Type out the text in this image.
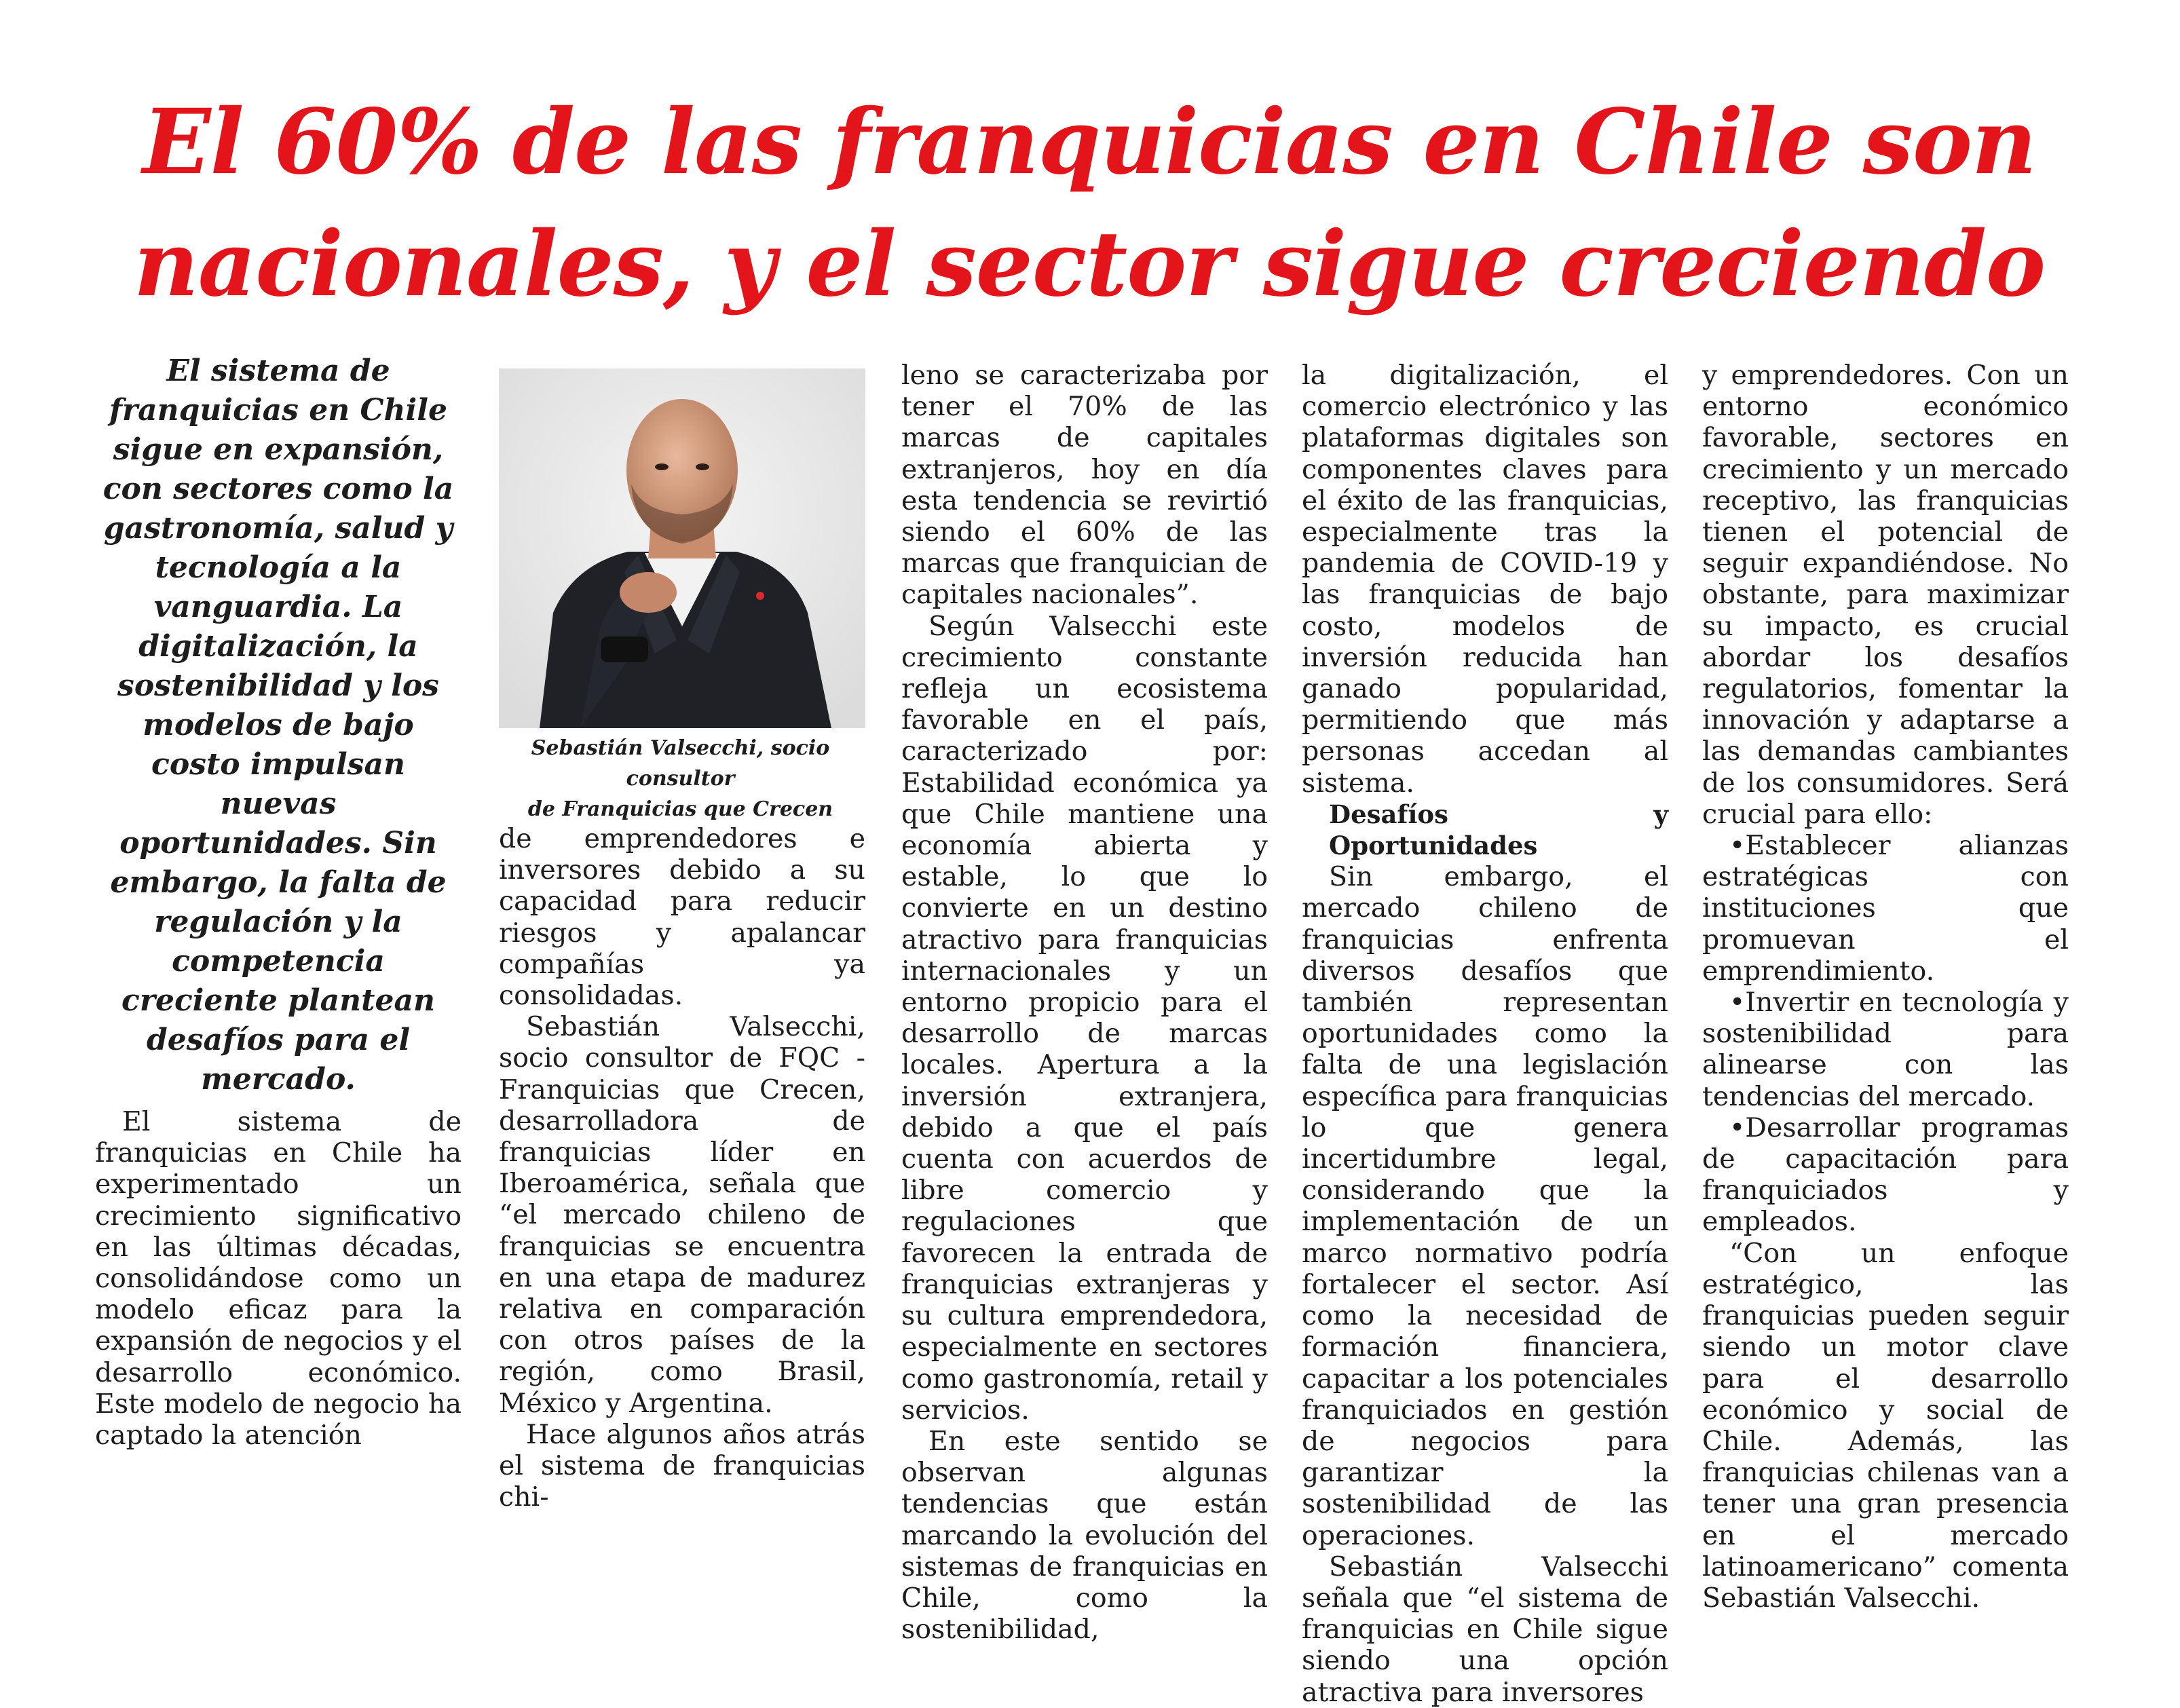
El 60% de las franquicias en Chile son
nacionales, y el sector sigue creciendo

El sistema de franquicias en Chile sigue en expansión, con sectores como la gastronomía, salud y tecnología a la vanguardia. La digitalización, la sostenibilidad y los modelos de bajo costo impulsan nuevas oportunidades. Sin embargo, la falta de regulación y la competencia creciente plantean desafíos para el mercado.

Sebastián Valsecchi, socio consultor
de Franquicias que Crecen

El sistema de franquicias en Chile ha experimentado un crecimiento significativo en las últimas décadas, consolidándose como un modelo eficaz para la expansión de negocios y el desarrollo económico. Este modelo de negocio ha captado la atención

de emprendedores e inversores debido a su capacidad para reducir riesgos y apalancar compañías ya consolidadas.

Sebastián Valsecchi, socio consultor de FQC - Franquicias que Crecen, desarrolladora de franquicias líder en Iberoamérica, señala que “el mercado chileno de franquicias se encuentra en una etapa de madurez relativa en comparación con otros países de la región, como Brasil, México y Argentina.

Hace algunos años atrás el sistema de franquicias chi-

leno se caracterizaba por tener el 70% de las marcas de capitales extranjeros, hoy en día esta tendencia se revirtió siendo el 60% de las marcas que franquician de capitales nacionales”.

Según Valsecchi este crecimiento constante refleja un ecosistema favorable en el país, caracterizado por: Estabilidad económica ya que Chile mantiene una economía abierta y estable, lo que lo convierte en un destino atractivo para franquicias internacionales y un entorno propicio para el desarrollo de marcas locales. Apertura a la inversión extranjera, debido a que el país cuenta con acuerdos de libre comercio y regulaciones que favorecen la entrada de franquicias extranjeras y su cultura emprendedora, especialmente en sectores como gastronomía, retail y servicios.

En este sentido se observan algunas tendencias que están marcando la evolución del sistemas de franquicias en Chile, como la sostenibilidad,

la digitalización, el comercio electrónico y las plataformas digitales son componentes claves para el éxito de las franquicias, especialmente tras la pandemia de COVID-19 y las franquicias de bajo costo, modelos de inversión reducida han ganado popularidad, permitiendo que más personas accedan al sistema.

Desafíos y Oportunidades

Sin embargo, el mercado chileno de franquicias enfrenta diversos desafíos que también representan oportunidades como la falta de una legislación específica para franquicias lo que genera incertidumbre legal, considerando que la implementación de un marco normativo podría fortalecer el sector. Así como la necesidad de formación financiera, capacitar a los potenciales franquiciados en gestión de negocios para garantizar la sostenibilidad de las operaciones.

Sebastián Valsecchi señala que “el sistema de franquicias en Chile sigue siendo una opción atractiva para inversores

y emprendedores. Con un entorno económico favorable, sectores en crecimiento y un mercado receptivo, las franquicias tienen el potencial de seguir expandiéndose. No obstante, para maximizar su impacto, es crucial abordar los desafíos regulatorios, fomentar la innovación y adaptarse a las demandas cambiantes de los consumidores. Será crucial para ello:

•Establecer alianzas estratégicas con instituciones que promuevan el emprendimiento.

•Invertir en tecnología y sostenibilidad para alinearse con las tendencias del mercado.

•Desarrollar programas de capacitación para franquiciados y empleados.

“Con un enfoque estratégico, las franquicias pueden seguir siendo un motor clave para el desarrollo económico y social de Chile. Además, las franquicias chilenas van a tener una gran presencia en el mercado latinoamericano” comenta Sebastián Valsecchi.
